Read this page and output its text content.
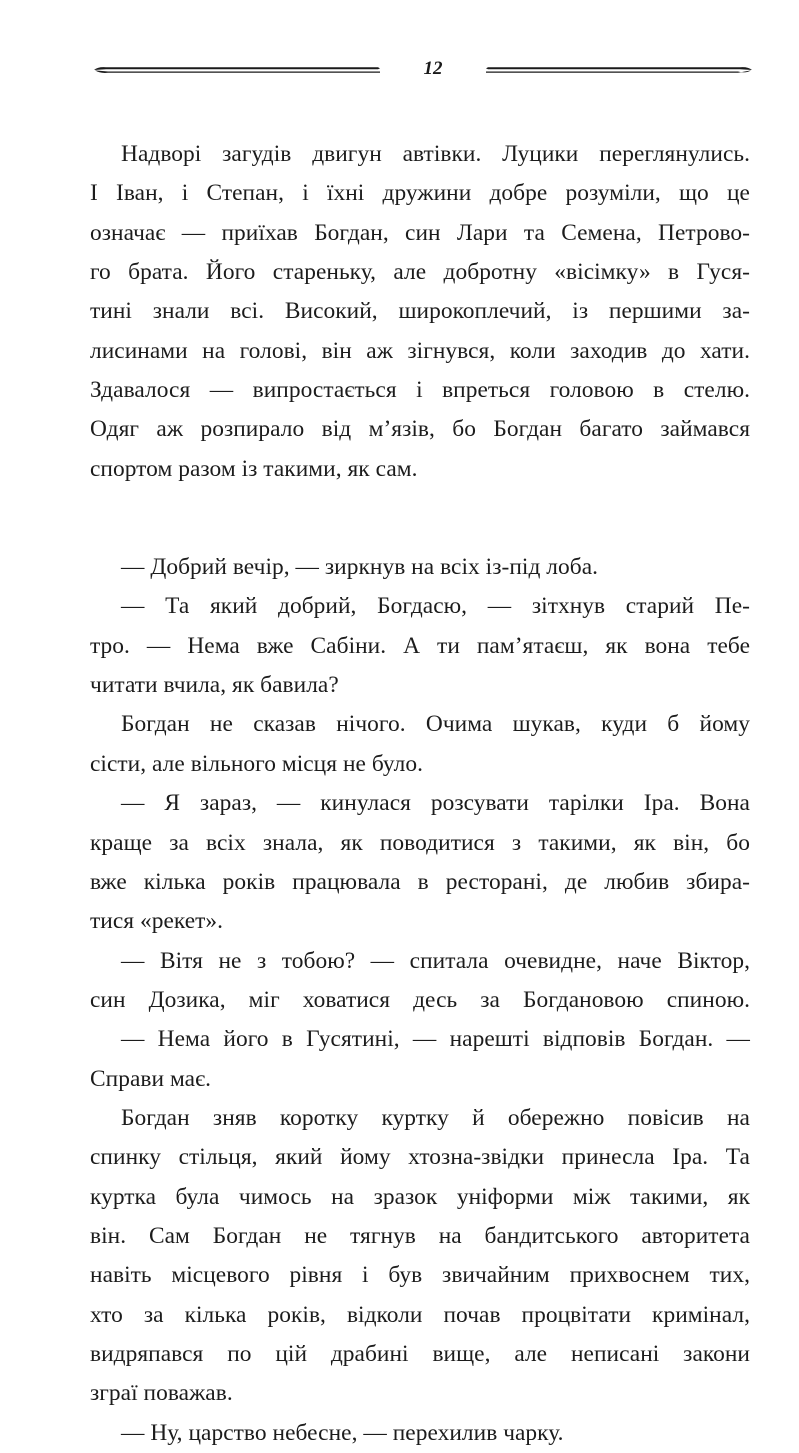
12
Надворі загудів двигун автівки. Луцики переглянулись.
І Іван, і Степан, і їхні дружини добре розуміли, що це
означає — приїхав Богдан, син Лари та Семена, Петрово-
го брата. Його стареньку, але добротну «вісімку» в Гуся-
тині знали всі. Високий, широкоплечий, із першими за-
лисинами на голові, він аж зігнувся, коли заходив до хати.
Здавалося — випростається і впреться головою в стелю.
Одяг аж розпирало від м’язів, бо Богдан багато займався
спортом разом із такими, як сам.
— Добрий вечір, — зиркнув на всіх із-під лоба.
— Та який добрий, Богдасю, — зітхнув старий Пе-
тро. — Нема вже Сабіни. А ти пам’ятаєш, як вона тебе
читати вчила, як бавила?
Богдан не сказав нічого. Очима шукав, куди б йому
сісти, але вільного місця не було.
— Я зараз, — кинулася розсувати тарілки Іра. Вона
краще за всіх знала, як поводитися з такими, як він, бо
вже кілька років працювала в ресторані, де любив збира-
тися «рекет».
— Вітя не з тобою? — спитала очевидне, наче Віктор,
син Дозика, міг ховатися десь за Богдановою спиною.
— Нема його в Гусятині, — нарешті відповів Богдан. —
Справи має.
Богдан зняв коротку куртку й обережно повісив на
спинку стільця, який йому хтозна-звідки принесла Іра. Та
куртка була чимось на зразок уніформи між такими, як
він. Сам Богдан не тягнув на бандитського авторитета
навіть місцевого рівня і був звичайним прихвоснем тих,
хто за кілька років, відколи почав процвітати кримінал,
видряпався по цій драбині вище, але неписані закони
зграї поважав.
— Ну, царство небесне, — перехилив чарку.
